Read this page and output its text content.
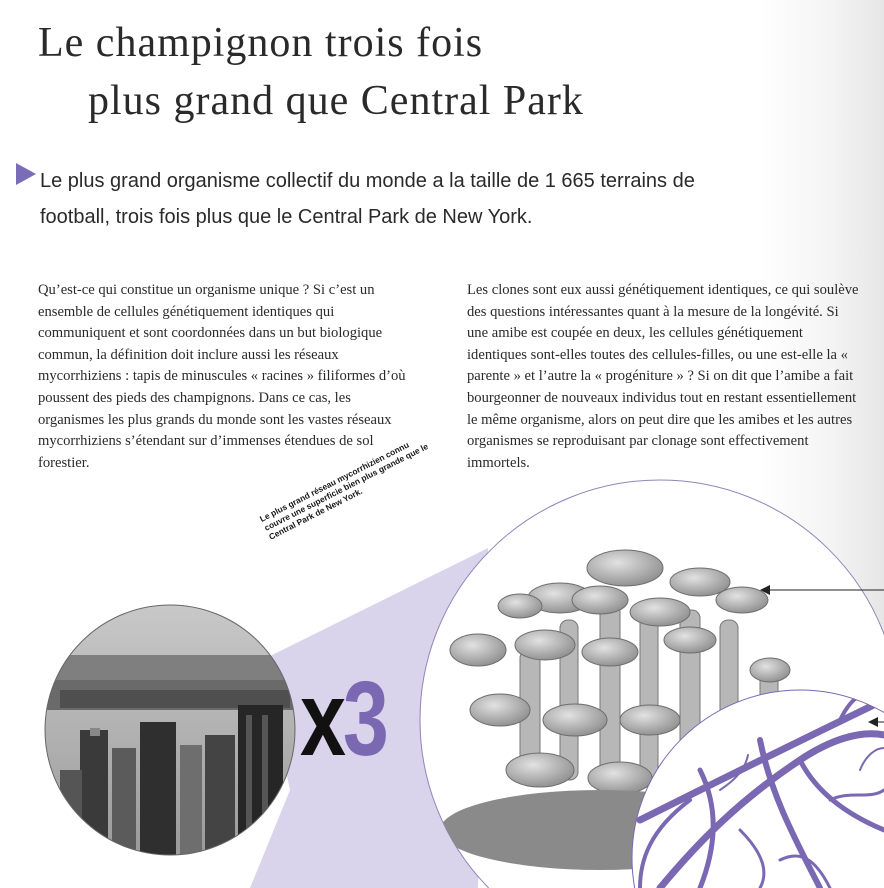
Le champignon trois fois
plus grand que Central Park

Le plus grand organisme collectif du monde a la taille de 1 665 terrains de football, trois fois plus que le Central Park de New York.

Qu’est-ce qui constitue un organisme unique ? Si c’est un ensemble de cellules génétiquement identiques qui communiquent et sont coordonnées dans un but biologique commun, la définition doit inclure aussi les réseaux mycorrhiziens : tapis de minuscules « racines » filiformes d’où poussent des pieds des champignons. Dans ce cas, les organismes les plus grands du monde sont les vastes réseaux mycorrhiziens s’étendant sur d’immenses étendues de sol forestier.

Les clones sont eux aussi génétiquement identiques, ce qui soulève des questions intéressantes quant à la mesure de la longévité. Si une amibe est coupée en deux, les cellules génétiquement identiques sont-elles toutes des cellules-filles, ou une est-elle la « parente » et l’autre la « progéniture » ? Si on dit que l’amibe a fait bourgeonner de nouveaux individus tout en restant essentiellement le même organisme, alors on peut dire que les amibes et les autres organismes se reproduisant par clonage sont effectivement immortels.

Le plus grand réseau mycorrhizien connu couvre une superficie bien plus grande que le Central Park de New York.
x3
